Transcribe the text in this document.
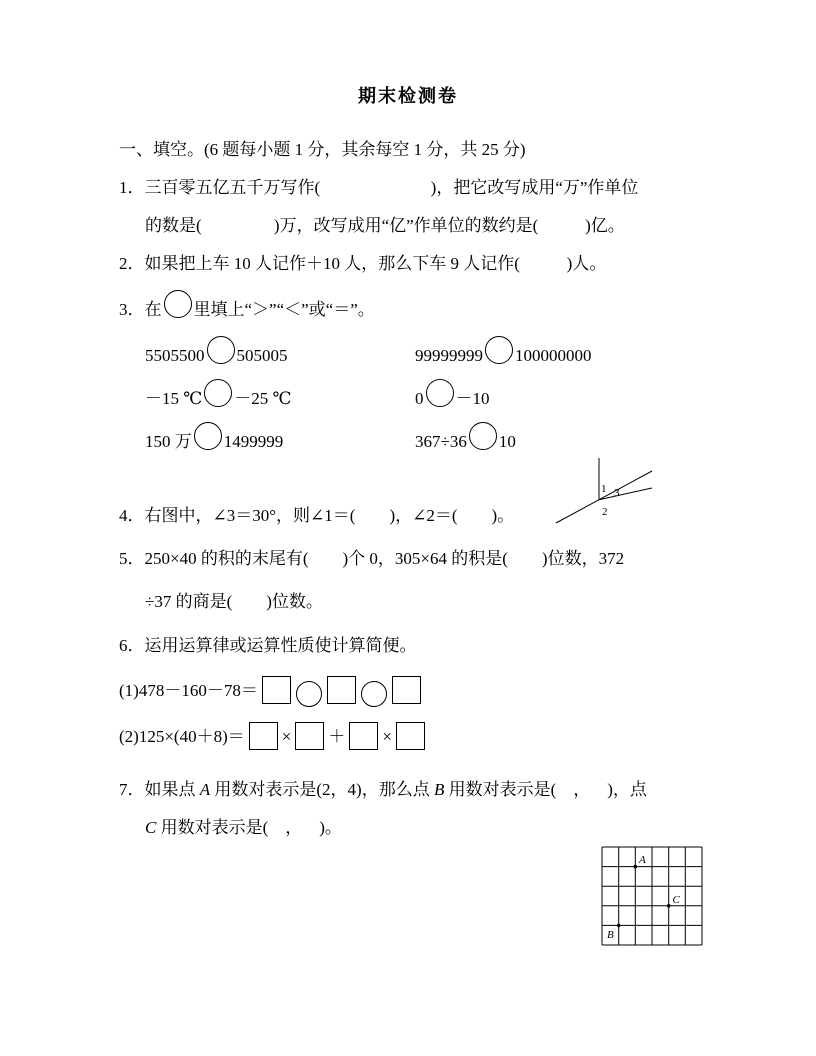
期末检测卷
一、填空。(6 题每小题 1 分，其余每空 1 分，共 25 分)
1．三百零五亿五千万写作(                          )，把它改写成用“万”作单位
的数是(                 )万，改写成用“亿”作单位的数约是(           )亿。
2．如果把上车 10 人记作＋10 人，那么下车 9 人记作(           )人。
3．在 里填上“＞”“＜”或“＝”。
5505500 505005	99999999 100000000
－15 ℃ －25 ℃	0 －10
150 万 1499999	367÷36 10
1 3
2
4．右图中，∠3＝30°，则∠1＝(        )，∠2＝(        )。
5．250×40 的积的末尾有(        )个 0，305×64 的积是(        )位数，372
÷37 的商是(        )位数。
6．运用运算律或运算性质使计算简便。
(1)478－160－78＝
(2)125×(40＋8)＝ × ＋ ×
7．如果点 A 用数对表示是(2，4)，那么点 B 用数对表示是(    ，    )，点
C 用数对表示是(    ，    )。
A
C
B
